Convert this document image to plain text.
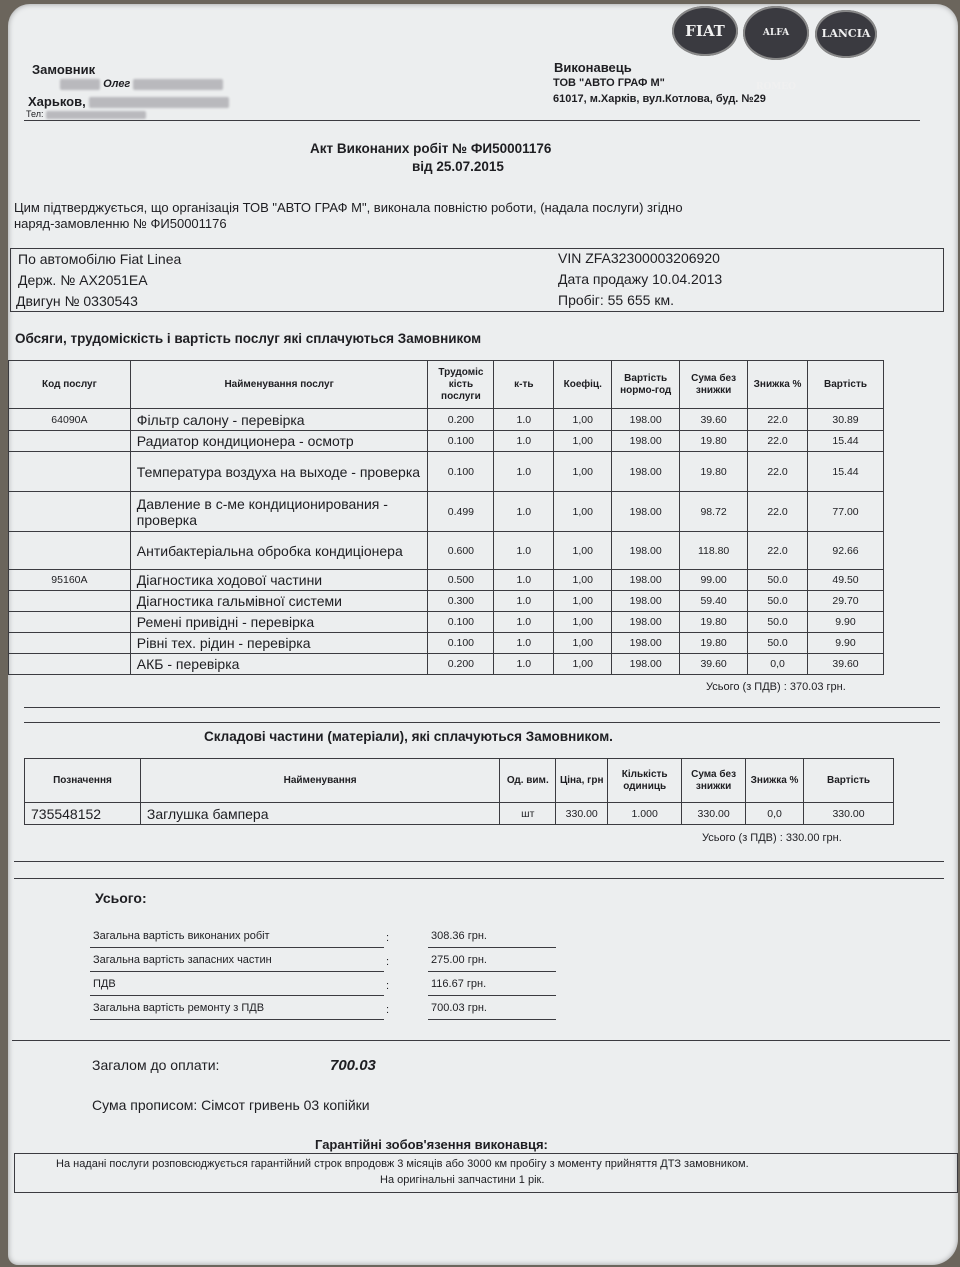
FIAT	ALFA ROMEO
LANCIA
Замовник
Олег
Харьков,
Тел:
Виконавець
ТОВ "АВТО ГРАФ М"
61017, м.Харків, вул.Котлова, буд. №29
Акт Виконаних робіт № ФИ50001176
від 25.07.2015
Цим підтверджується, що організація ТОВ "АВТО ГРАФ М", виконала повністю роботи, (надала послуги) згідно
наряд-замовленню № ФИ50001176
По автомобілю Fiat Linea
Держ. № AX2051EA
Двигун № 0330543
VIN ZFA32300003206920
Дата продажу 10.04.2013
Пробіг: 55 655 км.
Обсяги, трудоміскість і вартість послуг які сплачуються Замовником
Код послуг	Найменування послуг	Трудоміс кість послуги	к-ть	Коефіц.	Вартість нормо-год	Сума без знижки	Знижка %	Вартість
64090A	Фільтр салону - перевірка	0.200	1.0	1,00	198.00	39.60	22.0	30.89
	Радиатор кондиционера - осмотр	0.100	1.0	1,00	198.00	19.80	22.0	15.44
	Температура воздуха на выходе - проверка	0.100	1.0	1,00	198.00	19.80	22.0	15.44
	Давление в с-ме кондиционирования - проверка	0.499	1.0	1,00	198.00	98.72	22.0	77.00
	Антибактеріальна обробка кондиціонера	0.600	1.0	1,00	198.00	118.80	22.0	92.66
95160A	Діагностика ходової частини	0.500	1.0	1,00	198.00	99.00	50.0	49.50
	Діагностика гальмівної системи	0.300	1.0	1,00	198.00	59.40	50.0	29.70
	Ремені привідні - перевірка	0.100	1.0	1,00	198.00	19.80	50.0	9.90
	Рівні тех. рідин - перевірка	0.100	1.0	1,00	198.00	19.80	50.0	9.90
	АКБ - перевірка	0.200	1.0	1,00	198.00	39.60	0,0	39.60
Усього (з ПДВ) : 370.03 грн.
Складові частини (матеріали), які сплачуються Замовником.
Позначення	Найменування	Од. вим.	Ціна, грн	Кількість одиниць	Сума без знижки	Знижка %	Вартість
735548152	Заглушка бампера	шт	330.00	1.000	330.00	0,0	330.00
Усього (з ПДВ) : 330.00 грн.
Усього:
Загальна вартість виконаних робіт	:	308.36 грн.
Загальна вартість запасних частин	:	275.00 грн.
ПДВ	:	116.67 грн.
Загальна вартість ремонту з ПДВ	:	700.03 грн.
Загалом до оплати:	700.03
Сума прописом: Сімсот гривень 03 копійки
Гарантійні зобов'язення виконавця:
На надані послуги розповсюджується гарантійний строк впродовж 3 місяців або 3000 км пробігу з моменту прийняття ДТЗ замовником.
На оригінальні запчастини 1 рік.
